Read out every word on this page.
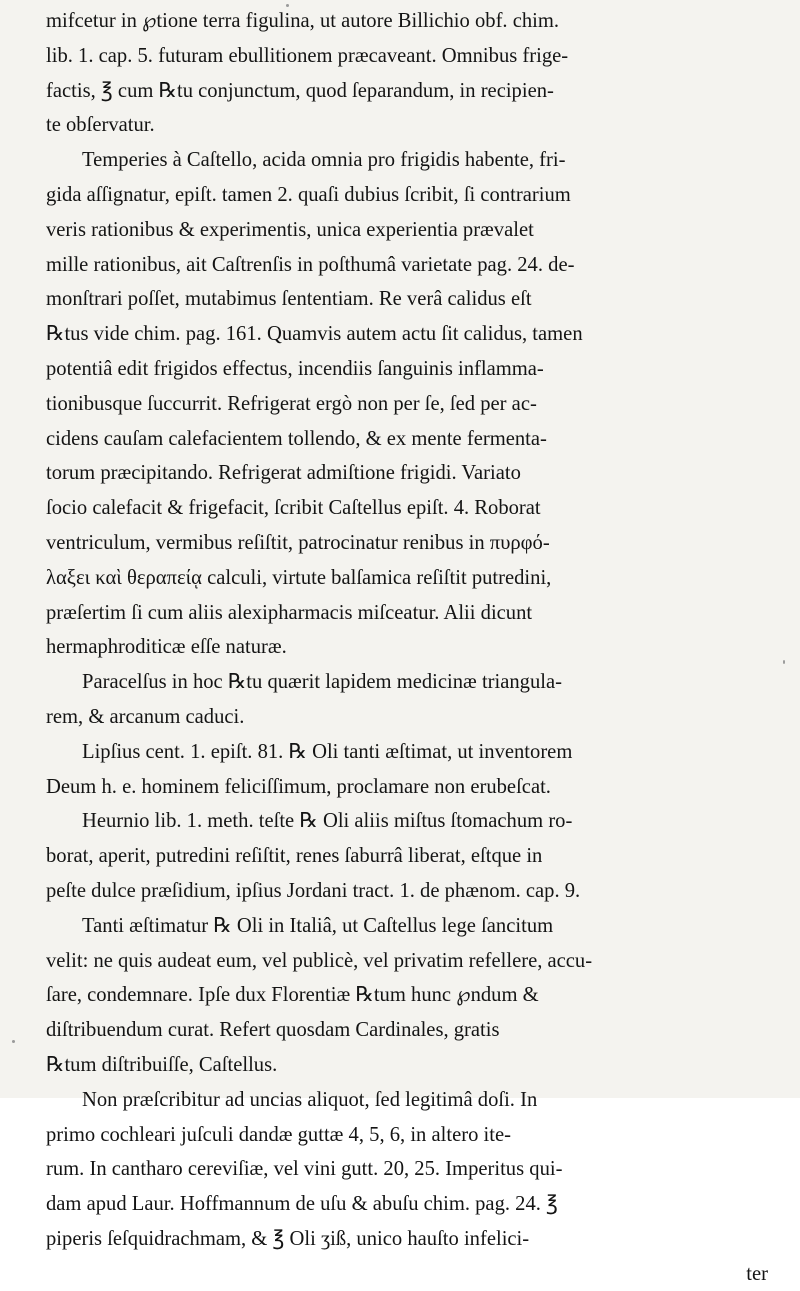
mifcetur in ℘tione terra figulina, ut autore Billichio obf. chim.
lib. 1. cap. 5. futuram ebullitionem præcaveant. Omnibus frige-
factis, ℥ cum ℞tu conjunctum, quod ſeparandum, in recipien-
te obſervatur.
Temperies à Caſtello, acida omnia pro frigidis habente, fri-
gida aſſignatur, epiſt. tamen 2. quaſi dubius ſcribit, ſi contrarium
veris rationibus & experimentis, unica experientia prævalet
mille rationibus, ait Caſtrenſis in poſthumâ varietate pag. 24. de-
monſtrari poſſet, mutabimus ſententiam. Re verâ calidus eſt
℞tus vide chim. pag. 161. Quamvis autem actu ſit calidus, tamen
potentiâ edit frigidos effectus, incendiis ſanguinis inflamma-
tionibusque ſuccurrit. Refrigerat ergò non per ſe, ſed per ac-
cidens cauſam calefacientem tollendo, & ex mente fermenta-
torum præcipitando. Refrigerat admiſtione frigidi. Variato
ſocio calefacit & frigefacit, ſcribit Caſtellus epiſt. 4. Roborat
ventriculum, vermibus reſiſtit, patrocinatur renibus in πυρφό-
λαξει καὶ θεραπείᾳ calculi, virtute balſamica reſiſtit putredini,
præſertim ſi cum aliis alexipharmacis miſceatur. Alii dicunt
hermaphroditicæ eſſe naturæ.
Paracelſus in hoc ℞tu quærit lapidem medicinæ triangula-
rem, & arcanum caduci.
Lipſius cent. 1. epiſt. 81. ℞ Oli tanti æſtimat, ut inventorem
Deum h. e. hominem feliciſſimum, proclamare non erubeſcat.
Heurnio lib. 1. meth. teſte ℞ Oli aliis miſtus ſtomachum ro-
borat, aperit, putredini reſiſtit, renes ſaburrâ liberat, eſtque in
peſte dulce præſidium, ipſius Jordani tract. 1. de phænom. cap. 9.
Tanti æſtimatur ℞ Oli in Italiâ, ut Caſtellus lege ſancitum
velit: ne quis audeat eum, vel publicè, vel privatim refellere, accu-
ſare, condemnare. Ipſe dux Florentiæ ℞tum hunc ℘ndum &
diſtribuendum curat. Refert quosdam Cardinales, gratis
℞tum diſtribuiſſe, Caſtellus.
Non præſcribitur ad uncias aliquot, ſed legitimâ doſi. In
primo cochleari juſculi dandæ guttæ 4, 5, 6, in altero ite-
rum. In cantharo cereviſiæ, vel vini gutt. 20, 25. Imperitus qui-
dam apud Laur. Hoffmannum de uſu & abuſu chim. pag. 24. ℥
piperis ſeſquidrachmam, & ℥ Oli ʒiß, unico hauſto infelici-
ter
